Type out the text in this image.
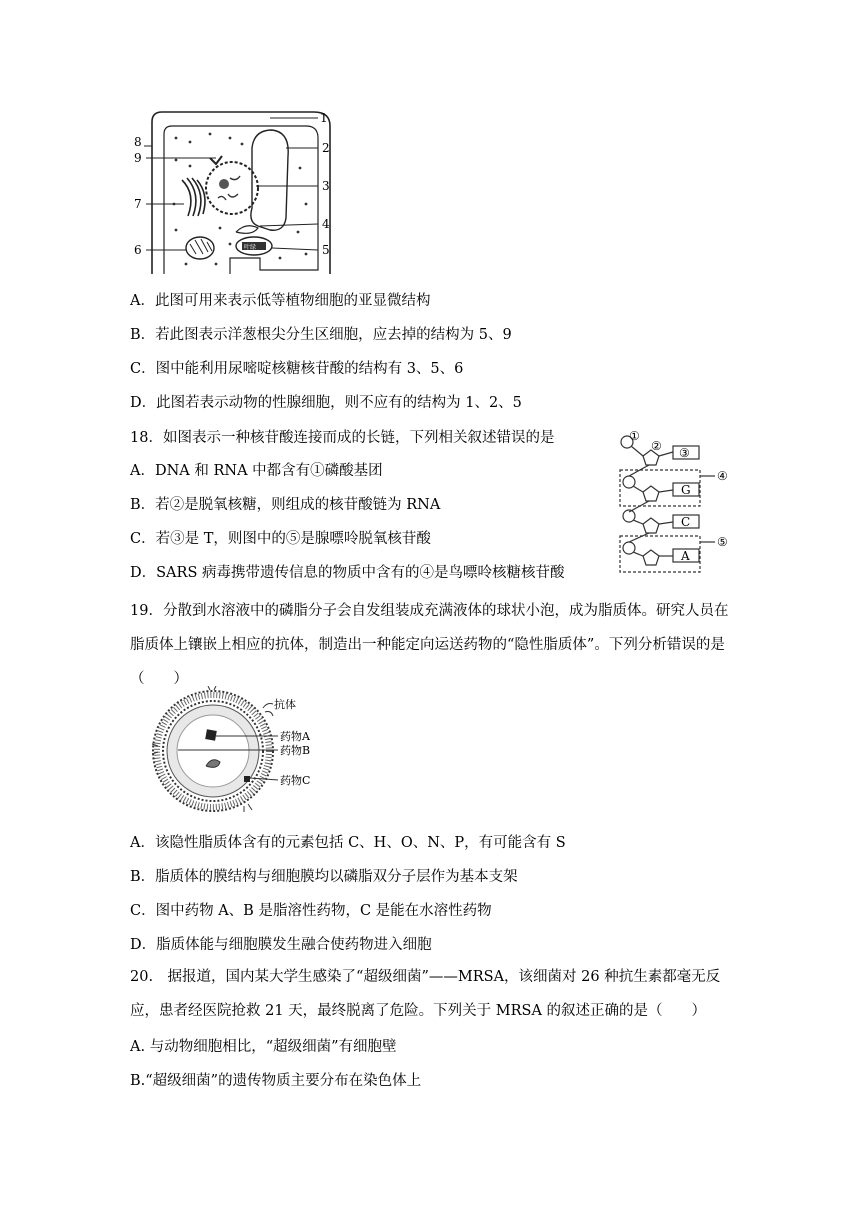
叶绿
1
2
3
4
5
6
7
8
9
A．此图可用来表示低等植物细胞的亚显微结构
B．若此图表示洋葱根尖分生区细胞，应去掉的结构为 5、9
C．图中能利用尿嘧啶核糖核苷酸的结构有 3、5、6
D．此图若表示动物的性腺细胞，则不应有的结构为 1、2、5
18．如图表示一种核苷酸连接而成的长链，下列相关叙述错误的是
A．DNA 和 RNA 中都含有①磷酸基团
B．若②是脱氧核糖，则组成的核苷酸链为 RNA
C．若③是 T，则图中的⑤是腺嘌呤脱氧核苷酸
D．SARS 病毒携带遗传信息的物质中含有的④是鸟嘌呤核糖核苷酸
①
② ③
④
⑤
G
C
A
19．分散到水溶液中的磷脂分子会自发组装成充满液体的球状小泡，成为脂质体。研究人员在脂质体上镶嵌上相应的抗体，制造出一种能定向运送药物的“隐性脂质体”。下列分析错误的是（　　）
抗体
药物A
药物B
药物C
A．该隐性脂质体含有的元素包括 C、H、O、N、P，有可能含有 S
B．脂质体的膜结构与细胞膜均以磷脂双分子层作为基本支架
C．图中药物 A、B 是脂溶性药物，C 是能在水溶性药物
D．脂质体能与细胞膜发生融合使药物进入细胞
20.　据报道，国内某大学生感染了“超级细菌”——MRSA，该细菌对 26 种抗生素都毫无反应，患者经医院抢救 21 天，最终脱离了危险。下列关于 MRSA 的叙述正确的是（　　）
A. 与动物细胞相比，“超级细菌”有细胞壁
B.“超级细菌”的遗传物质主要分布在染色体上
